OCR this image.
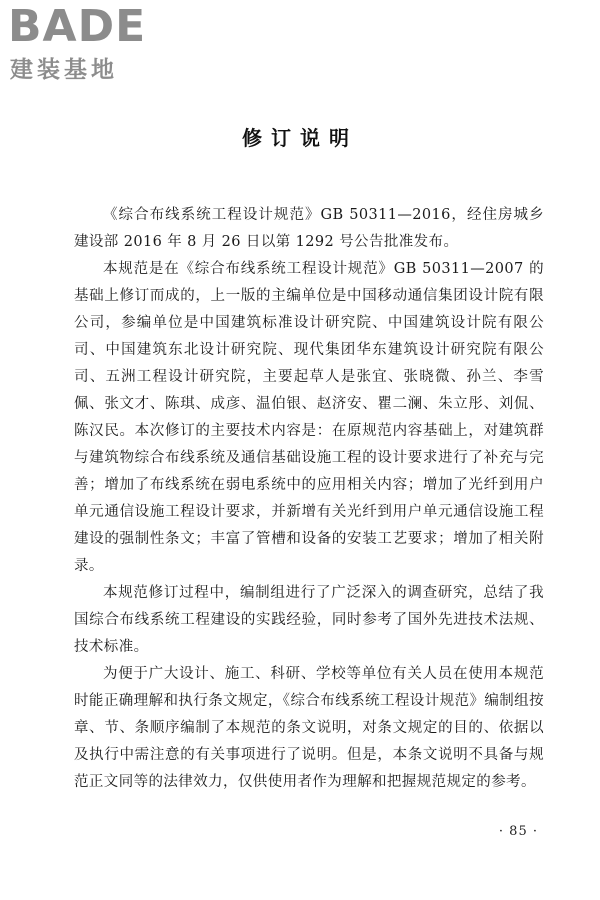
BADE
建装基地
修订说明

《综合布线系统工程设计规范》GB 50311—2016，经住房城乡建设部 2016 年 8 月 26 日以第 1292 号公告批准发布。

本规范是在《综合布线系统工程设计规范》GB 50311—2007 的基础上修订而成的，上一版的主编单位是中国移动通信集团设计院有限公司，参编单位是中国建筑标准设计研究院、中国建筑设计院有限公司、中国建筑东北设计研究院、现代集团华东建筑设计研究院有限公司、五洲工程设计研究院，主要起草人是张宜、张晓微、孙兰、李雪佩、张文才、陈琪、成彦、温伯银、赵济安、瞿二澜、朱立彤、刘侃、陈汉民。本次修订的主要技术内容是：在原规范内容基础上，对建筑群与建筑物综合布线系统及通信基础设施工程的设计要求进行了补充与完善；增加了布线系统在弱电系统中的应用相关内容；增加了光纤到用户单元通信设施工程设计要求，并新增有关光纤到用户单元通信设施工程建设的强制性条文；丰富了管槽和设备的安装工艺要求；增加了相关附录。

本规范修订过程中，编制组进行了广泛深入的调查研究，总结了我国综合布线系统工程建设的实践经验，同时参考了国外先进技术法规、技术标准。

为便于广大设计、施工、科研、学校等单位有关人员在使用本规范时能正确理解和执行条文规定，《综合布线系统工程设计规范》编制组按章、节、条顺序编制了本规范的条文说明，对条文规定的目的、依据以及执行中需注意的有关事项进行了说明。但是，本条文说明不具备与规范正文同等的法律效力，仅供使用者作为理解和把握规范规定的参考。

· 85 ·
